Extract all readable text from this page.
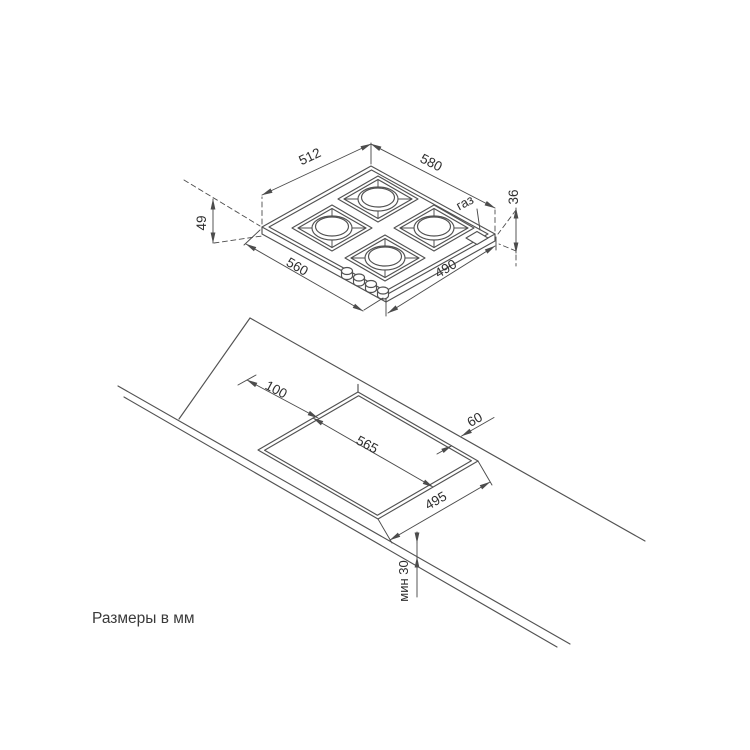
газ
512	580
49
36
560	490
100
565
495
60
мин 30
Размеры в мм
